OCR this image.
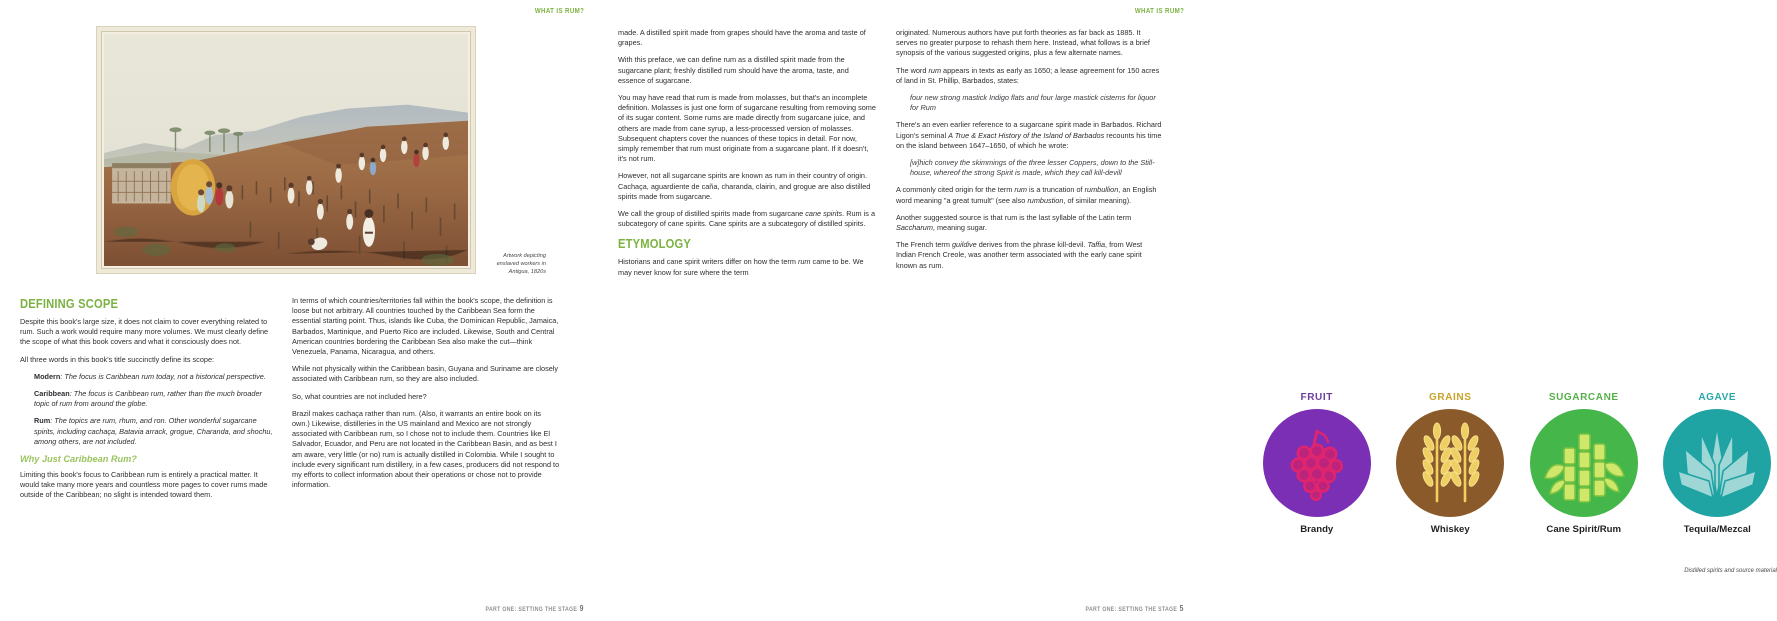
WHAT IS RUM?
Artwork depicting enslaved workers in Antigua, 1820s
DEFINING SCOPE

Despite this book's large size, it does not claim to cover everything related to rum. Such a work would require many more volumes. We must clearly define the scope of what this book covers and what it consciously does not.

All three words in this book's title succinctly define its scope:

Modern: The focus is Caribbean rum today, not a historical perspective.

Caribbean: The focus is Caribbean rum, rather than the much broader topic of rum from around the globe.

Rum: The topics are rum, rhum, and ron. Other wonderful sugarcane spirits, including cachaça, Batavia arrack, grogue, Charanda, and shochu, among others, are not included.

Why Just Caribbean Rum?

Limiting this book's focus to Caribbean rum is entirely a practical matter. It would take many more years and countless more pages to cover rums made outside of the Caribbean; no slight is intended toward them.

In terms of which countries/territories fall within the book's scope, the definition is loose but not arbitrary. All countries touched by the Caribbean Sea form the essential starting point. Thus, islands like Cuba, the Dominican Republic, Jamaica, Barbados, Martinique, and Puerto Rico are included. Likewise, South and Central American countries bordering the Caribbean Sea also make the cut—think Venezuela, Panama, Nicaragua, and others.

While not physically within the Caribbean basin, Guyana and Suriname are closely associated with Caribbean rum, so they are also included.

So, what countries are not included here?

Brazil makes cachaça rather than rum. (Also, it warrants an entire book on its own.) Likewise, distilleries in the US mainland and Mexico are not strongly associated with Caribbean rum, so I chose not to include them. Countries like El Salvador, Ecuador, and Peru are not located in the Caribbean Basin, and as best I am aware, very little (or no) rum is actually distilled in Colombia. While I sought to include every significant rum distillery, in a few cases, producers did not respond to my efforts to collect information about their operations or chose not to provide information.

PART ONE: SETTING THE STAGE 9
WHAT IS RUM?

made. A distilled spirit made from grapes should have the aroma and taste of grapes.

With this preface, we can define rum as a distilled spirit made from the sugarcane plant; freshly distilled rum should have the aroma, taste, and essence of sugarcane.

You may have read that rum is made from molasses, but that's an incomplete definition. Molasses is just one form of sugarcane resulting from removing some of its sugar content. Some rums are made directly from sugarcane juice, and others are made from cane syrup, a less-processed version of molasses. Subsequent chapters cover the nuances of these topics in detail. For now, simply remember that rum must originate from a sugarcane plant. If it doesn't, it's not rum.

However, not all sugarcane spirits are known as rum in their country of origin. Cachaça, aguardiente de caña, charanda, clairin, and grogue are also distilled spirits made from sugarcane.

We call the group of distilled spirits made from sugarcane cane spirits. Rum is a subcategory of cane spirits. Cane spirits are a subcategory of distilled spirits.

ETYMOLOGY

Historians and cane spirit writers differ on how the term rum came to be. We may never know for sure where the term

originated. Numerous authors have put forth theories as far back as 1885. It serves no greater purpose to rehash them here. Instead, what follows is a brief synopsis of the various suggested origins, plus a few alternate names.

The word rum appears in texts as early as 1650; a lease agreement for 150 acres of land in St. Phillip, Barbados, states:

four new strong mastick Indigo flats and four large mastick cisterns for liquor for Rum

There's an even earlier reference to a sugarcane spirit made in Barbados. Richard Ligon's seminal A True & Exact History of the Island of Barbados recounts his time on the island between 1647–1650, of which he wrote:

[w]hich convey the skimmings of the three lesser Coppers, down to the Still-house, whereof the strong Spirit is made, which they call kill-devill

A commonly cited origin for the term rum is a truncation of rumbullion, an English word meaning "a great tumult" (see also rumbustion, of similar meaning).

Another suggested source is that rum is the last syllable of the Latin term Saccharum, meaning sugar.

The French term guildive derives from the phrase kill-devil. Taffia, from West Indian French Creole, was another term associated with the early cane spirit known as rum.

FRUIT
Brandy
GRAINS
Whiskey
SUGARCANE
Cane Spirit/Rum
AGAVE
Tequila/Mezcal
Distilled spirits and source material
PART ONE: SETTING THE STAGE 5
